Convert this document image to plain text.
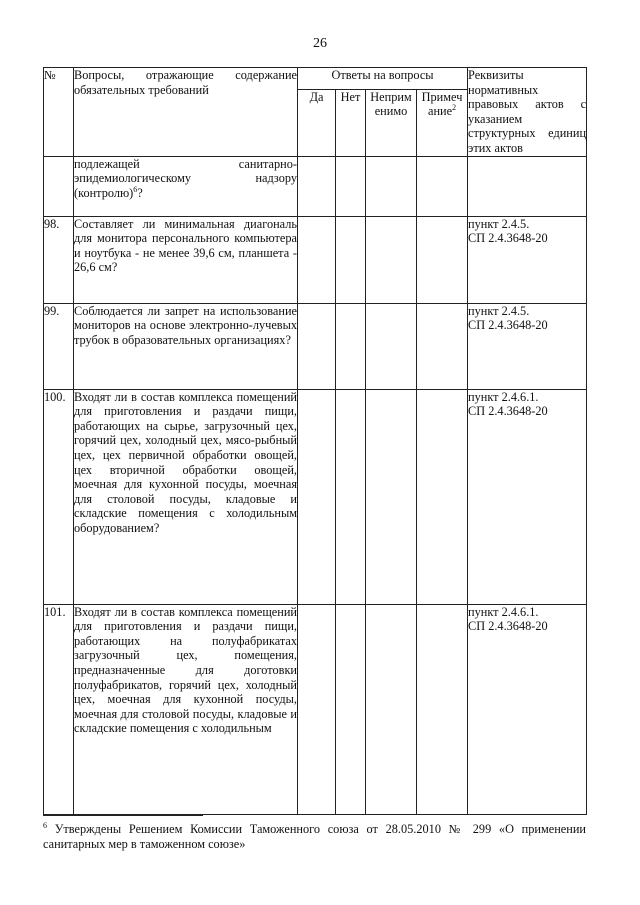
26
№	Вопросы, отражающие содержание обязательных требований	Ответы на вопросы				Реквизиты нормативных правовых актов с указанием структурных единиц этих актов
		Да	Нет	Неприм
енимо	Примеч
ание$^2$
	подлежащей санитарно-эпидемиологическому надзору (контролю)$^6$?					

98.	Составляет ли минимальная диагональ для монитора персонального компьютера и ноутбука - не менее 39,6 см, планшета - 26,6 см?					пункт 2.4.5.
СП 2.4.3648-20

99.	Соблюдается ли запрет на использование мониторов на основе электронно-лучевых трубок в образовательных организациях?					пункт 2.4.5.
СП 2.4.3648-20

100.	Входят ли в состав комплекса помещений для приготовления и раздачи пищи, работающих на сырье, загрузочный цех, горячий цех, холодный цех, мясо-рыбный цех, цех первичной обработки овощей, цех вторичной обработки овощей, моечная для кухонной посуды, моечная для столовой посуды, кладовые и складские помещения с холодильным оборудованием?					пункт 2.4.6.1.
СП 2.4.3648-20

101.	Входят ли в состав комплекса помещений для приготовления и раздачи пищи, работающих на полуфабрикатах загрузочный цех, помещения, предназначенные для доготовки полуфабрикатов, горячий цех, холодный цех, моечная для кухонной посуды, моечная для столовой посуды, кладовые и складские помещения с холодильным					пункт 2.4.6.1.
СП 2.4.3648-20
$^6$ Утверждены Решением Комиссии Таможенного союза от 28.05.2010 № 299 «О применении санитарных мер в таможенном союзе»
